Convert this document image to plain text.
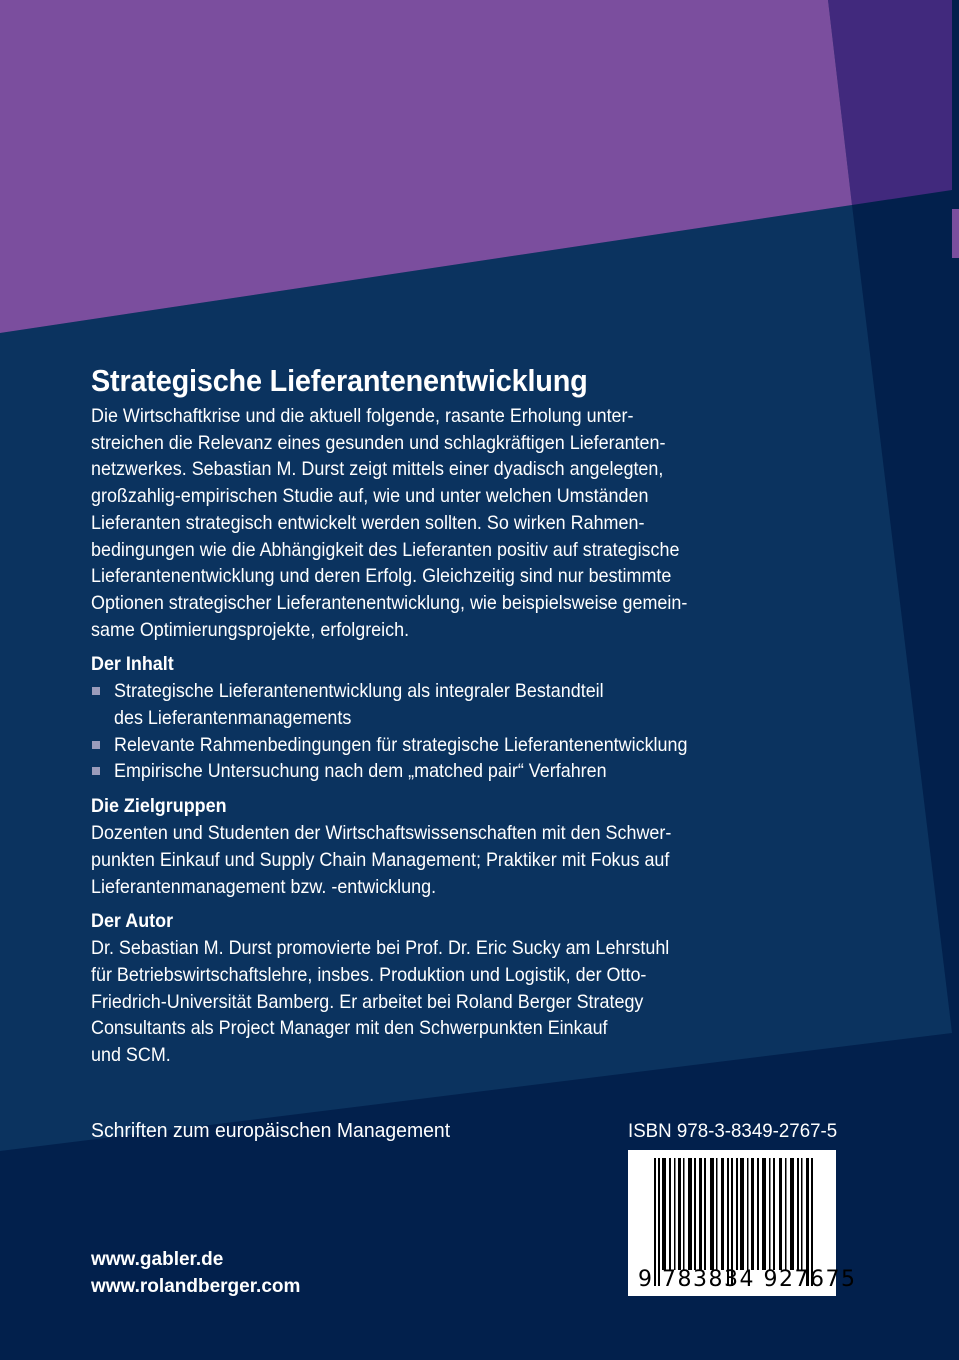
Strategische Lieferantenentwicklung
Die Wirtschaftkrise und die aktuell folgende, rasante Erholung unter-
streichen die Relevanz eines gesunden und schlagkräftigen Lieferanten-
netzwerkes. Sebastian M. Durst zeigt mittels einer dyadisch angelegten,
großzahlig-empirischen Studie auf, wie und unter welchen Umständen
Lieferanten strategisch entwickelt werden sollten. So wirken Rahmen-
bedingungen wie die Abhängigkeit des Lieferanten positiv auf strategische
Lieferantenentwicklung und deren Erfolg. Gleichzeitig sind nur bestimmte
Optionen strategischer Lieferantenentwicklung, wie beispielsweise gemein-
same Optimierungsprojekte, erfolgreich.
Der Inhalt
Strategische Lieferantenentwicklung als integraler Bestandteil
des Lieferantenmanagements
Relevante Rahmenbedingungen für strategische Lieferantenentwicklung
Empirische Untersuchung nach dem „matched pair“ Verfahren
Die Zielgruppen
Dozenten und Studenten der Wirtschaftswissenschaften mit den Schwer-
punkten Einkauf und Supply Chain Management; Praktiker mit Fokus auf
Lieferantenmanagement bzw. -entwicklung.
Der Autor
Dr. Sebastian M. Durst promovierte bei Prof. Dr. Eric Sucky am Lehrstuhl
für Betriebswirtschaftslehre, insbes. Produktion und Logistik, der Otto-
Friedrich-Universität Bamberg. Er arbeitet bei Roland Berger Strategy
Consultants als Project Manager mit den Schwerpunkten Einkauf
und SCM.
Schriften zum europäischen Management	ISBN 978-3-8349-2767-5
9 783834 927675
www.gabler.de
www.rolandberger.com
